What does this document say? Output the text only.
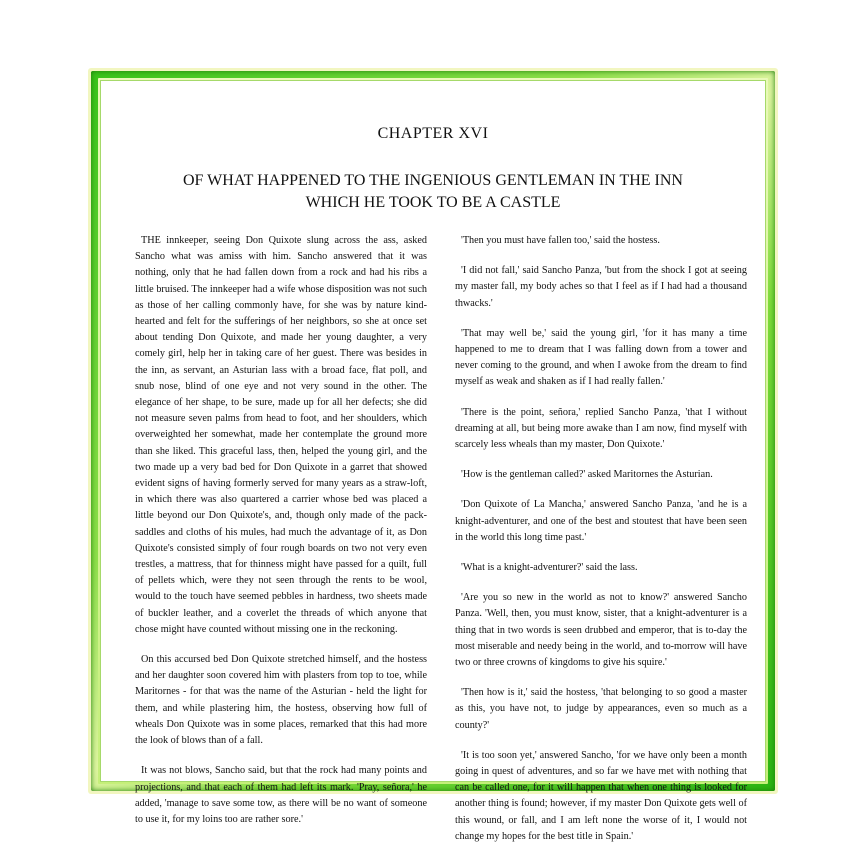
CHAPTER XVI
OF WHAT HAPPENED TO THE INGENIOUS GENTLEMAN IN THE INN WHICH HE TOOK TO BE A CASTLE

THE innkeeper, seeing Don Quixote slung across the ass, asked Sancho what was amiss with him. Sancho answered that it was nothing, only that he had fallen down from a rock and had his ribs a little bruised. The innkeeper had a wife whose disposition was not such as those of her calling commonly have, for she was by nature kind-hearted and felt for the sufferings of her neighbors, so she at once set about tending Don Quixote, and made her young daughter, a very comely girl, help her in taking care of her guest. There was besides in the inn, as servant, an Asturian lass with a broad face, flat poll, and snub nose, blind of one eye and not very sound in the other. The elegance of her shape, to be sure, made up for all her defects; she did not measure seven palms from head to foot, and her shoulders, which overweighted her somewhat, made her contemplate the ground more than she liked. This graceful lass, then, helped the young girl, and the two made up a very bad bed for Don Quixote in a garret that showed evident signs of having formerly served for many years as a straw-loft, in which there was also quartered a carrier whose bed was placed a little beyond our Don Quixote's, and, though only made of the pack-saddles and cloths of his mules, had much the advantage of it, as Don Quixote's consisted simply of four rough boards on two not very even trestles, a mattress, that for thinness might have passed for a quilt, full of pellets which, were they not seen through the rents to be wool, would to the touch have seemed pebbles in hardness, two sheets made of buckler leather, and a coverlet the threads of which anyone that chose might have counted without missing one in the reckoning.

On this accursed bed Don Quixote stretched himself, and the hostess and her daughter soon covered him with plasters from top to toe, while Maritornes - for that was the name of the Asturian - held the light for them, and while plastering him, the hostess, observing how full of wheals Don Quixote was in some places, remarked that this had more the look of blows than of a fall.

It was not blows, Sancho said, but that the rock had many points and projections, and that each of them had left its mark. 'Pray, señora,' he added, 'manage to save some tow, as there will be no want of someone to use it, for my loins too are rather sore.'

'Then you must have fallen too,' said the hostess.

'I did not fall,' said Sancho Panza, 'but from the shock I got at seeing my master fall, my body aches so that I feel as if I had had a thousand thwacks.'

'That may well be,' said the young girl, 'for it has many a time happened to me to dream that I was falling down from a tower and never coming to the ground, and when I awoke from the dream to find myself as weak and shaken as if I had really fallen.'

'There is the point, señora,' replied Sancho Panza, 'that I without dreaming at all, but being more awake than I am now, find myself with scarcely less wheals than my master, Don Quixote.'

'How is the gentleman called?' asked Maritornes the Asturian.

'Don Quixote of La Mancha,' answered Sancho Panza, 'and he is a knight-adventurer, and one of the best and stoutest that have been seen in the world this long time past.'

'What is a knight-adventurer?' said the lass.

'Are you so new in the world as not to know?' answered Sancho Panza. 'Well, then, you must know, sister, that a knight-adventurer is a thing that in two words is seen drubbed and emperor, that is to-day the most miserable and needy being in the world, and to-morrow will have two or three crowns of kingdoms to give his squire.'

'Then how is it,' said the hostess, 'that belonging to so good a master as this, you have not, to judge by appearances, even so much as a county?'

'It is too soon yet,' answered Sancho, 'for we have only been a month going in quest of adventures, and so far we have met with nothing that can be called one, for it will happen that when one thing is looked for another thing is found; however, if my master Don Quixote gets well of this wound, or fall, and I am left none the worse of it, I would not change my hopes for the best title in Spain.'
